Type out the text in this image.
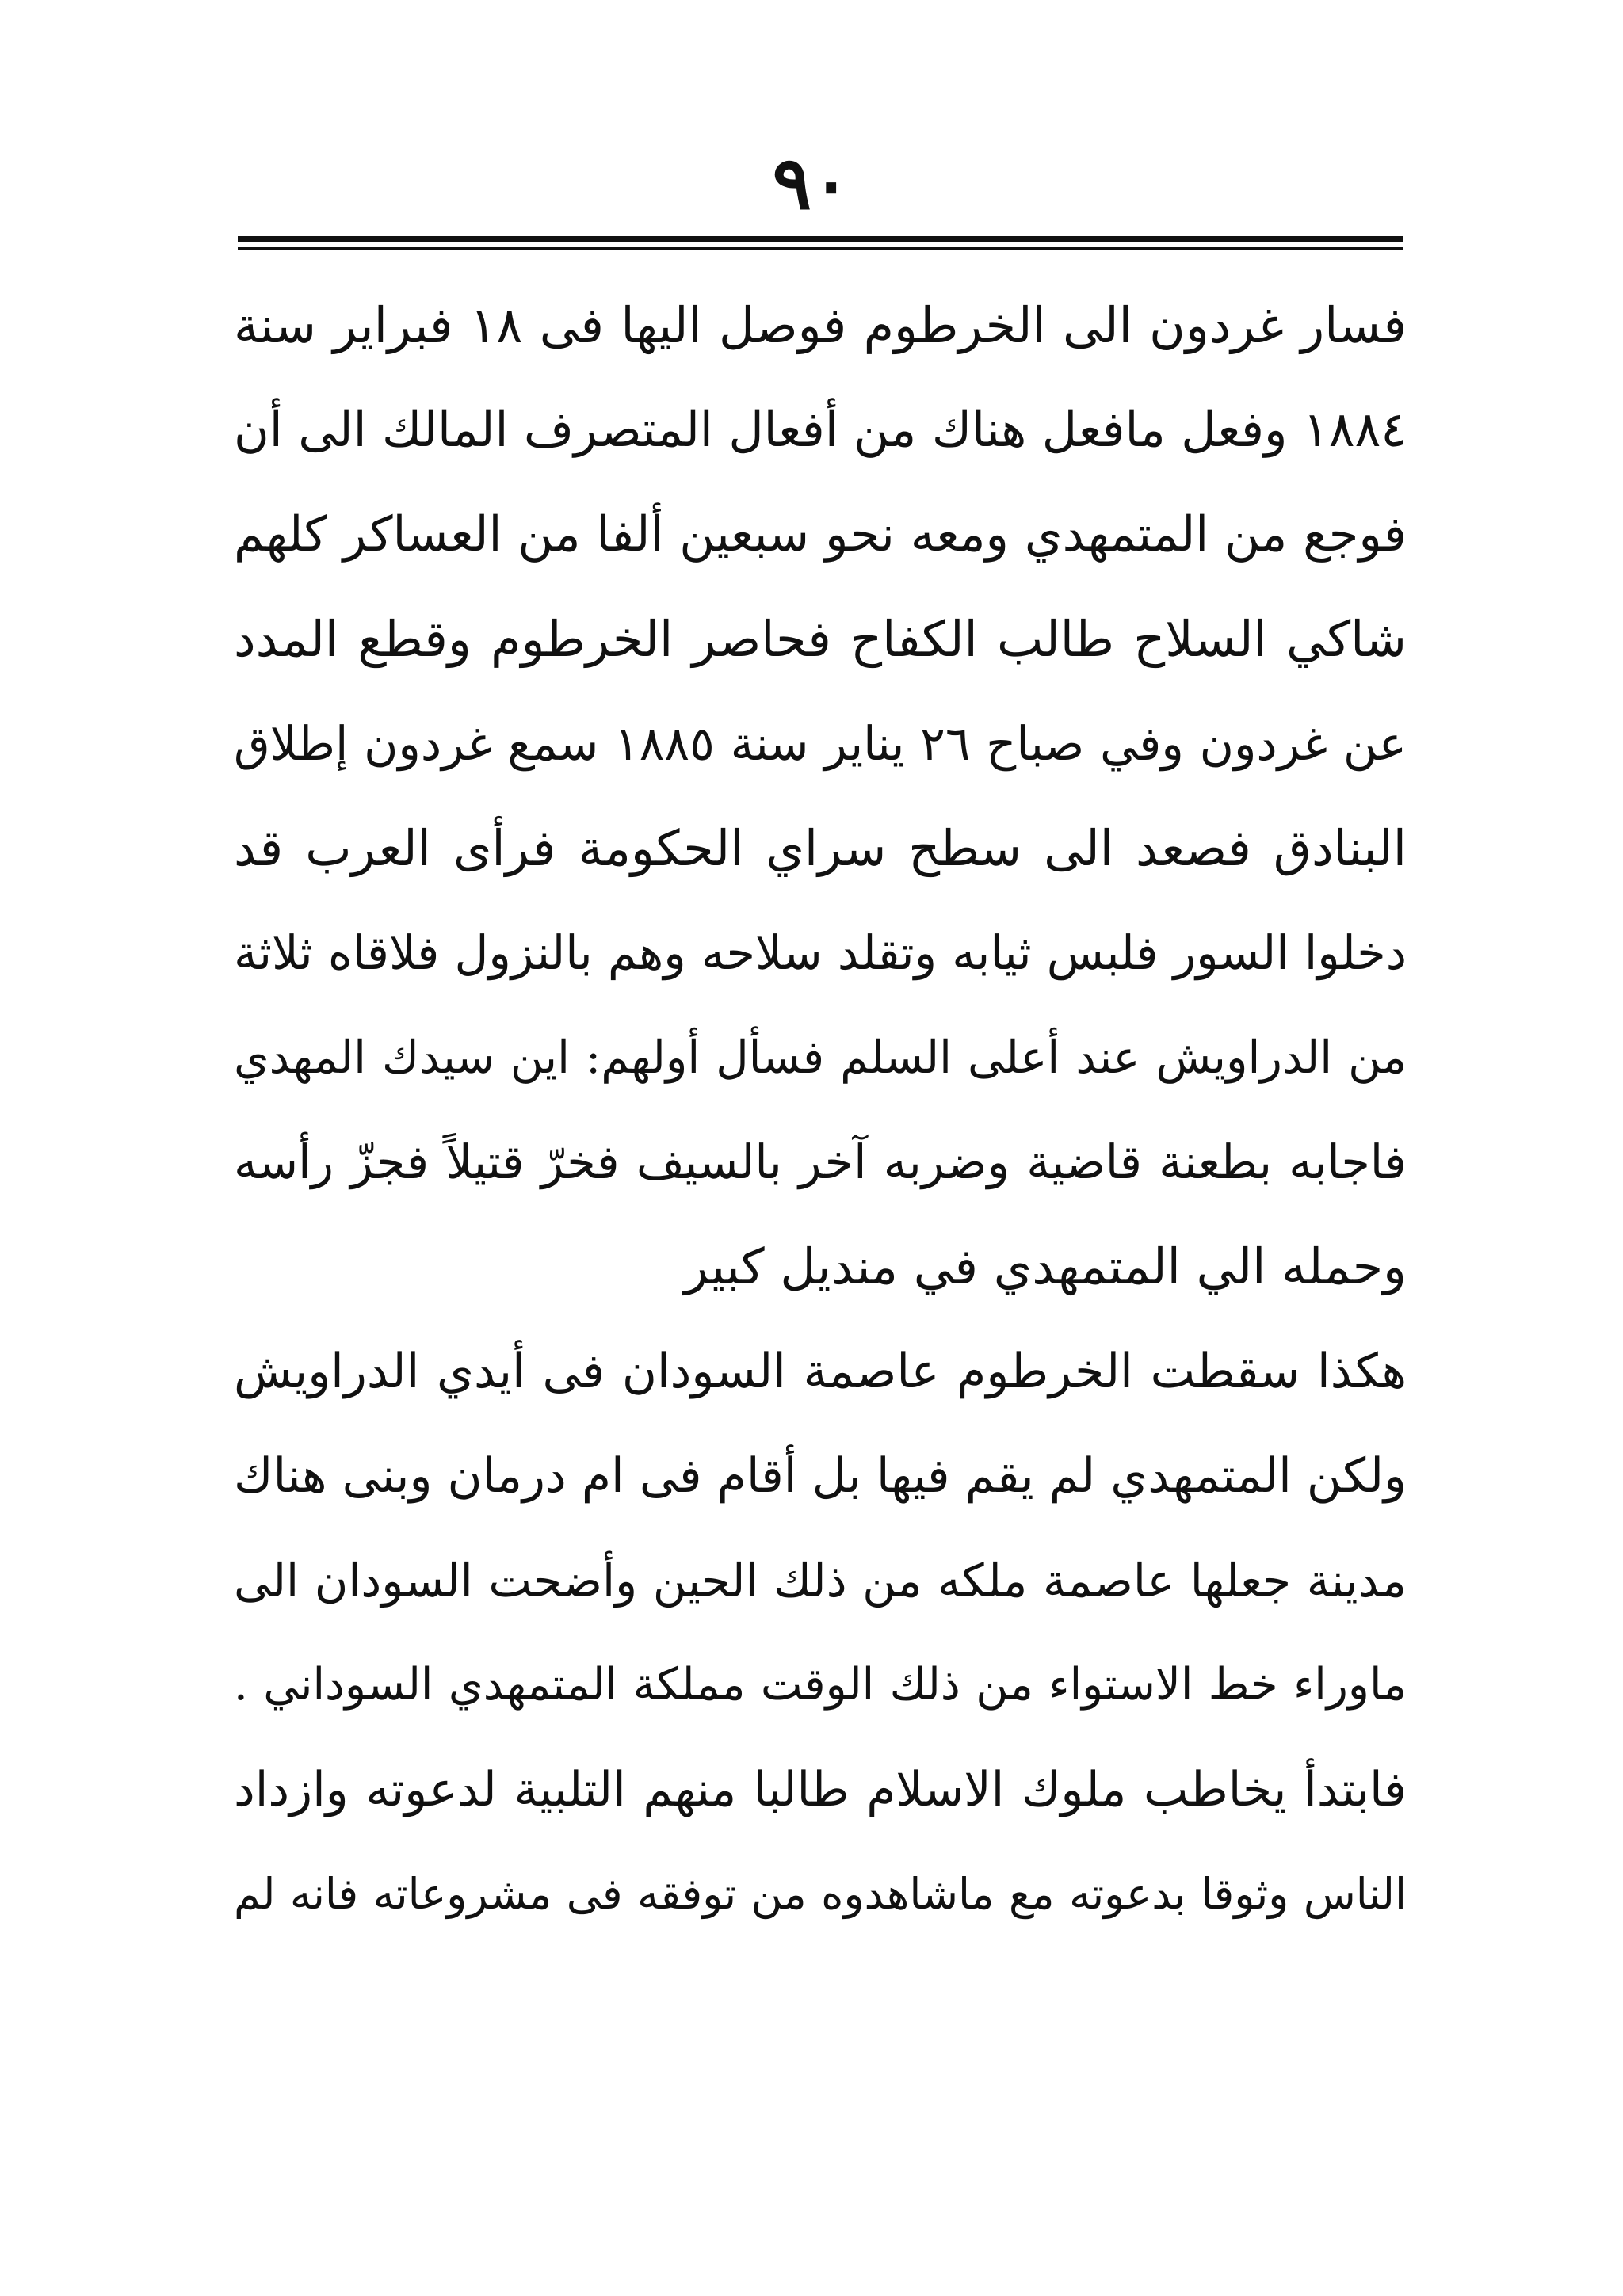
٩٠
فسار غردون الى الخرطوم فوصل اليها فى ١٨ فبراير سنة
١٨٨٤ وفعل مافعل هناك من أفعال المتصرف المالك الى أن
فوجع من المتمهدي ومعه نحو سبعين ألفا من العساكر كلهم
شاكي السلاح طالب الكفاح فحاصر الخرطوم وقطع المدد
عن غردون وفي صباح ٢٦ يناير سنة ١٨٨٥ سمع غردون إطلاق
البنادق فصعد الى سطح سراي الحكومة فرأى العرب قد
دخلوا السور فلبس ثيابه وتقلد سلاحه وهم بالنزول فلاقاه ثلاثة
من الدراويش عند أعلى السلم فسأل أولهم: اين سيدك المهدي
فاجابه بطعنة قاضية وضربه آخر بالسيف فخرّ قتيلاً فجزّ رأسه
وحمله الي المتمهدي في منديل كبير
هكذا سقطت الخرطوم عاصمة السودان فى أيدي الدراويش
ولكن المتمهدي لم يقم فيها بل أقام فى ام درمان وبنى هناك
مدينة جعلها عاصمة ملكه من ذلك الحين وأضحت السودان الى
ماوراء خط الاستواء من ذلك الوقت مملكة المتمهدي السوداني .
فابتدأ يخاطب ملوك الاسلام طالبا منهم التلبية لدعوته وازداد
الناس وثوقا بدعوته مع ماشاهدوه من توفقه فى مشروعاته فانه لم
